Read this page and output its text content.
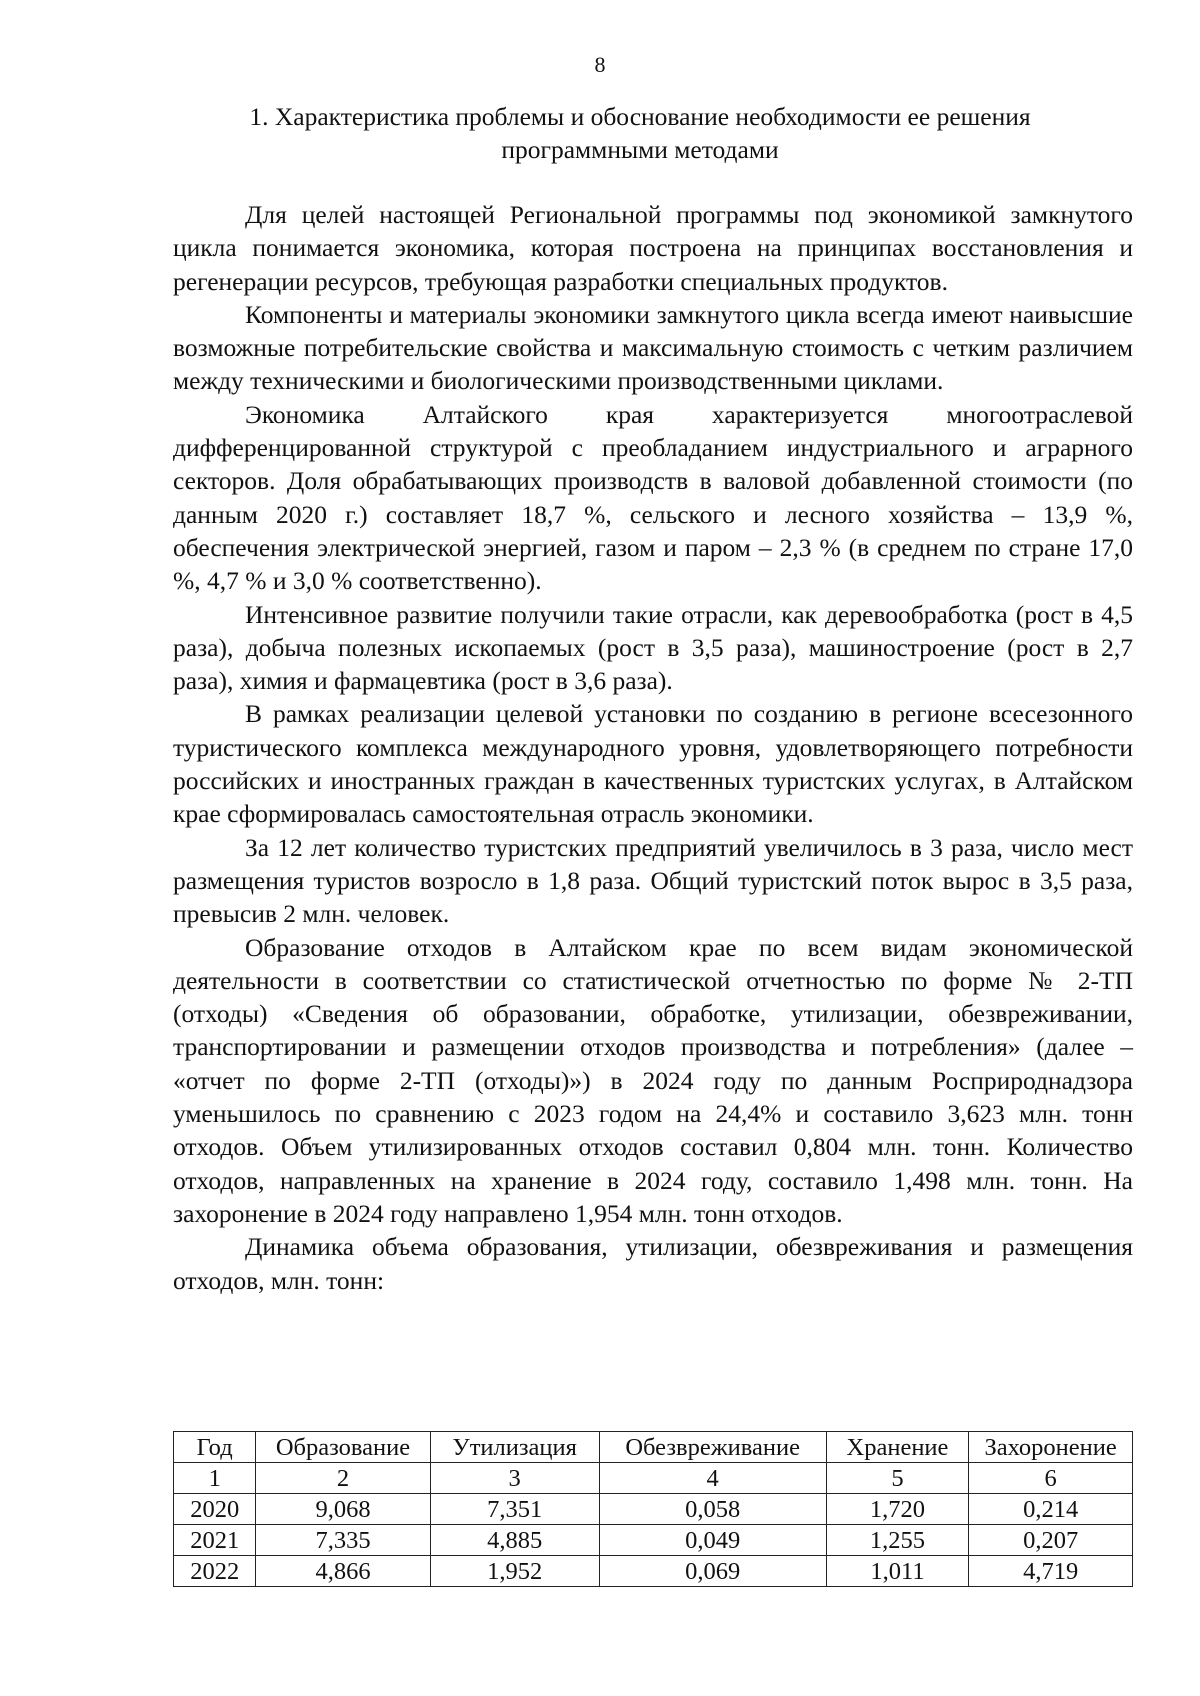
8
1. Характеристика проблемы и обоснование необходимости ее решения
программными методами

Для целей настоящей Региональной программы под экономикой замкнутого цикла понимается экономика, которая построена на принципах восстановления и регенерации ресурсов, требующая разработки специальных продуктов.

Компоненты и материалы экономики замкнутого цикла всегда имеют наивысшие возможные потребительские свойства и максимальную стоимость с четким различием между техническими и биологическими производственными циклами.

Экономика Алтайского края характеризуется многоотраслевой дифференцированной структурой с преобладанием индустриального и аграрного секторов. Доля обрабатывающих производств в валовой добавленной стоимости (по данным 2020 г.) составляет 18,7 %, сельского и лесного хозяйства – 13,9 %, обеспечения электрической энергией, газом и паром – 2,3 % (в среднем по стране 17,0 %, 4,7 % и 3,0 % соответственно).

Интенсивное развитие получили такие отрасли, как деревообработка (рост в 4,5 раза), добыча полезных ископаемых (рост в 3,5 раза), машиностроение (рост в 2,7 раза), химия и фармацевтика (рост в 3,6 раза).

В рамках реализации целевой установки по созданию в регионе всесезонного туристического комплекса международного уровня, удовлетворяющего потребности российских и иностранных граждан в качественных туристских услугах, в Алтайском крае сформировалась самостоятельная отрасль экономики.

За 12 лет количество туристских предприятий увеличилось в 3 раза, число мест размещения туристов возросло в 1,8 раза. Общий туристский поток вырос в 3,5 раза, превысив 2 млн. человек.

Образование отходов в Алтайском крае по всем видам экономической деятельности в соответствии со статистической отчетностью по форме № 2-ТП (отходы) «Сведения об образовании, обработке, утилизации, обезвреживании, транспортировании и размещении отходов производства и потребления» (далее – «отчет по форме 2-ТП (отходы)») в 2024 году по данным Росприроднадзора уменьшилось по сравнению с 2023 годом на 24,4% и составило 3,623 млн. тонн отходов. Объем утилизированных отходов составил 0,804 млн. тонн. Количество отходов, направленных на хранение в 2024 году, составило 1,498 млн. тонн. На захоронение в 2024 году направлено 1,954 млн. тонн отходов.

Динамика объема образования, утилизации, обезвреживания и размещения отходов, млн. тонн:

Год	Образование	Утилизация	Обезвреживание	Хранение	Захоронение
1	2	3	4	5	6
2020	9,068	7,351	0,058	1,720	0,214
2021	7,335	4,885	0,049	1,255	0,207
2022	4,866	1,952	0,069	1,011	4,719
